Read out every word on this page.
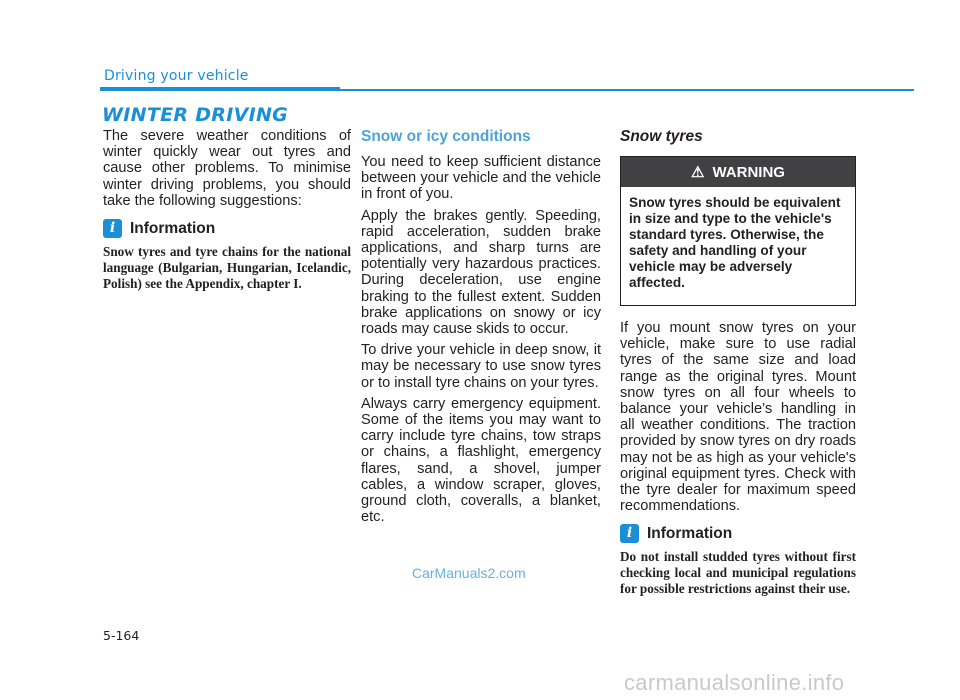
Driving your vehicle
WINTER DRIVING

The severe weather conditions of winter quickly wear out tyres and cause other problems. To minimise winter driving problems, you should take the following suggestions:

i Information

Snow tyres and tyre chains for the national language (Bulgarian, Hungarian, Icelandic, Polish) see the Appendix, chapter I.

Snow or icy conditions

You need to keep sufficient distance between your vehicle and the vehicle in front of you.

Apply the brakes gently. Speeding, rapid acceleration, sudden brake applications, and sharp turns are potentially very hazardous practices. During deceleration, use engine braking to the fullest extent. Sudden brake applications on snowy or icy roads may cause skids to occur.

To drive your vehicle in deep snow, it may be necessary to use snow tyres or to install tyre chains on your tyres.

Always carry emergency equipment. Some of the items you may want to carry include tyre chains, tow straps or chains, a flashlight, emergency flares, sand, a shovel, jumper cables, a window scraper, gloves, ground cloth, coveralls, a blanket, etc.

Snow tyres
⚠ WARNING
Snow tyres should be equivalent in size and type to the vehicle's standard tyres. Otherwise, the safety and handling of your vehicle may be adversely affected.

If you mount snow tyres on your vehicle, make sure to use radial tyres of the same size and load range as the original tyres. Mount snow tyres on all four wheels to balance your vehicle’s handling in all weather conditions. The traction provided by snow tyres on dry roads may not be as high as your vehicle's original equipment tyres. Check with the tyre dealer for maximum speed recommendations.

i Information

Do not install studded tyres without first checking local and municipal regulations for possible restrictions against their use.

CarManuals2.com
5-164
carmanualsonline.info
